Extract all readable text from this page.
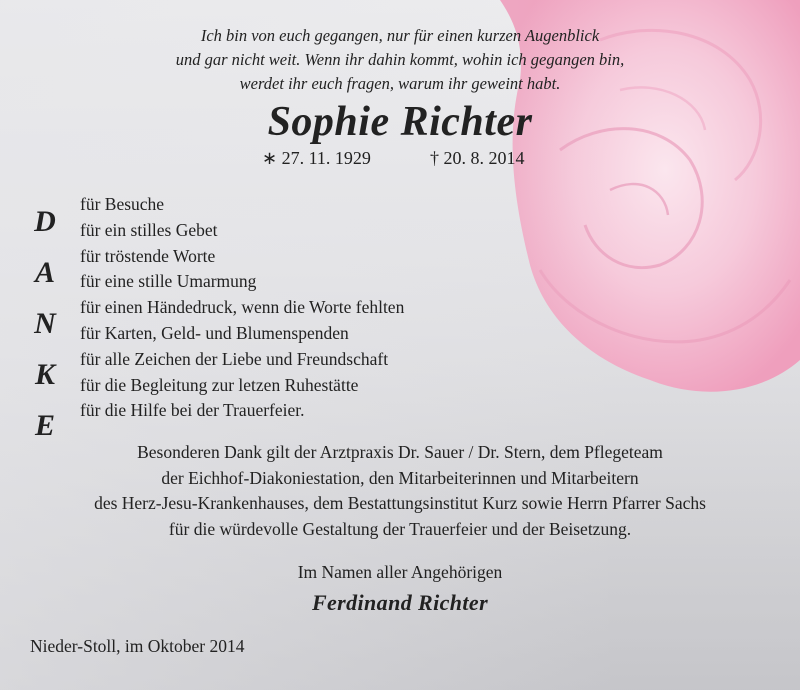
Ich bin von euch gegangen, nur für einen kurzen Augenblick
und gar nicht weit. Wenn ihr dahin kommt, wohin ich gegangen bin,
werdet ihr euch fragen, warum ihr geweint habt.
Sophie Richter
∗ 27. 11. 1929	† 20. 8. 2014
D
A
N
K
E
für Besuche
für ein stilles Gebet
für tröstende Worte
für eine stille Umarmung
für einen Händedruck, wenn die Worte fehlten
für Karten, Geld- und Blumenspenden
für alle Zeichen der Liebe und Freundschaft
für die Begleitung zur letzen Ruhestätte
für die Hilfe bei der Trauerfeier.
Besonderen Dank gilt der Arztpraxis Dr. Sauer / Dr. Stern, dem Pflegeteam
der Eichhof-Diakoniestation, den Mitarbeiterinnen und Mitarbeitern
des Herz-Jesu-Krankenhauses, dem Bestattungsinstitut Kurz sowie Herrn Pfarrer Sachs
für die würdevolle Gestaltung der Trauerfeier und der Beisetzung.
Im Namen aller Angehörigen
Ferdinand Richter
Nieder-Stoll, im Oktober 2014
